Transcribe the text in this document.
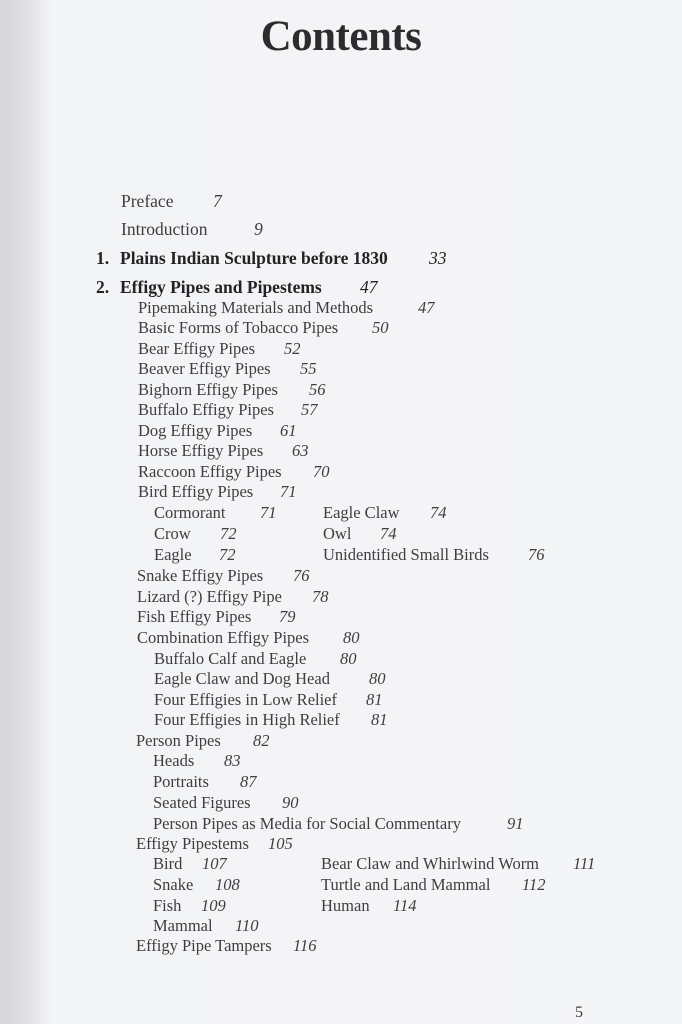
Contents
Preface 7
Introduction	9
1. Plains Indian Sculpture before 1830 33
2. Effigy Pipes and Pipestems 47
Pipemaking Materials and Methods	47
Basic Forms of Tobacco Pipes 50
Bear Effigy Pipes 52
Beaver Effigy Pipes 55
Bighorn Effigy Pipes 56
Buffalo Effigy Pipes 57
Dog Effigy Pipes 61
Horse Effigy Pipes 63
Raccoon Effigy Pipes 70
Bird Effigy Pipes 71
Cormorant 71	Eagle Claw 74
Crow 72	Owl 74
Eagle 72	Unidentified Small Birds 76
Snake Effigy Pipes 76
Lizard (?) Effigy Pipe 78
Fish Effigy Pipes 79
Combination Effigy Pipes 80
Buffalo Calf and Eagle 80
Eagle Claw and Dog Head 80
Four Effigies in Low Relief 81
Four Effigies in High Relief 81
Person Pipes 82
Heads 83
Portraits 87
Seated Figures 90
Person Pipes as Media for Social Commentary	91
Effigy Pipestems 105
Bird 107	Bear Claw and Whirlwind Worm 111
Snake 108	Turtle and Land Mammal 112
Fish 109	Human 114
Mammal 110
Effigy Pipe Tampers 116
5
